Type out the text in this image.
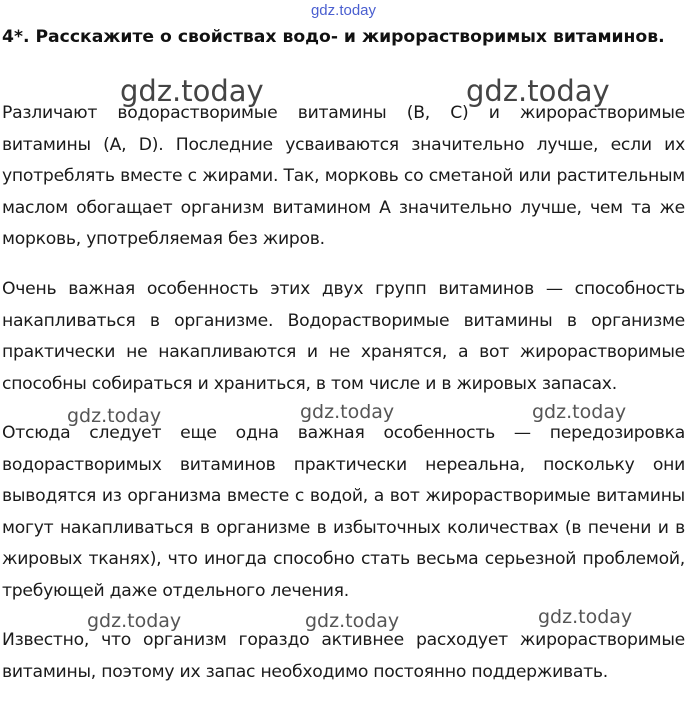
gdz.today

4*. Расскажите о свойствах водо- и жирорастворимых витаминов.

Различают водорастворимые витамины (B, C) и жирорастворимые витамины (A, D). Последние усваиваются значительно лучше, если их употреблять вместе с жирами. Так, морковь со сметаной или растительным маслом обогащает организм витамином А значительно лучше, чем та же морковь, употребляемая без жиров.

Очень важная особенность этих двух групп витаминов — способность накапливаться в организме. Водорастворимые витамины в организме практически не накапливаются и не хранятся, а вот жирорастворимые способны собираться и храниться, в том числе и в жировых запасах.

Отсюда следует еще одна важная особенность — передозировка водорастворимых витаминов практически нереальна, поскольку они выводятся из организма вместе с водой, а вот жирорастворимые витамины могут накапливаться в организме в избыточных количествах (в печени и в жировых тканях), что иногда способно стать весьма серьезной проблемой, требующей даже отдельного лечения.

Известно, что организм гораздо активнее расходует жирорастворимые витамины, поэтому их запас необходимо постоянно поддерживать.

gdz.today	gdz.today
gdz.today	gdz.today	gdz.today
gdz.today
gdz.today	gdz.today
